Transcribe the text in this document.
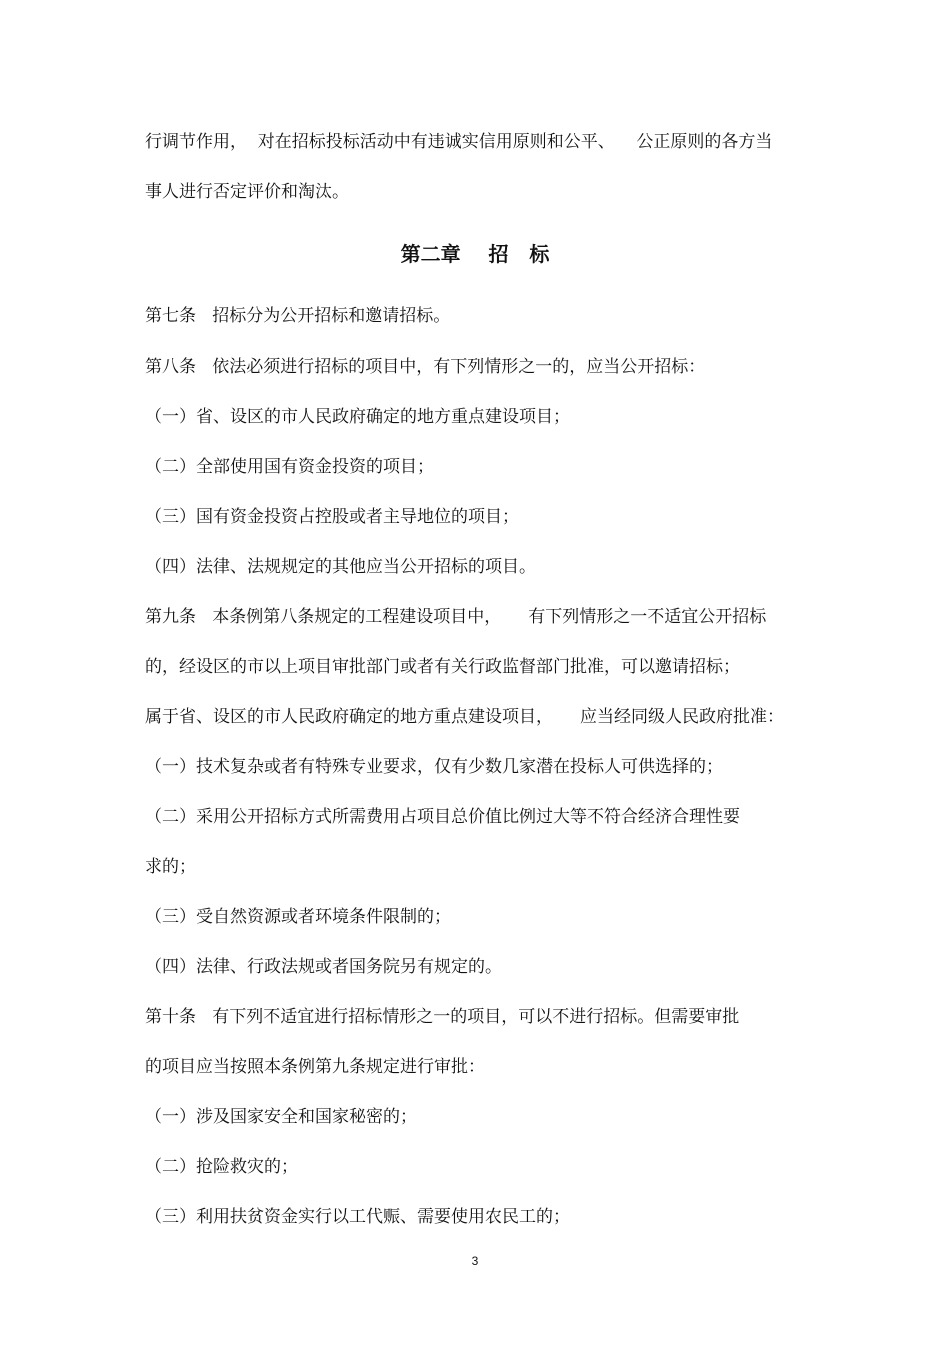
行调节作用，  对在招标投标活动中有违诚实信用原则和公平、    公正原则的各方当

事人进行否定评价和淘汰。

第二章    招   标

第七条   招标分为公开招标和邀请招标。

第八条   依法必须进行招标的项目中，有下列情形之一的，应当公开招标：

（一）省、设区的市人民政府确定的地方重点建设项目；

（二）全部使用国有资金投资的项目；

（三）国有资金投资占控股或者主导地位的项目；

（四）法律、法规规定的其他应当公开招标的项目。

第九条   本条例第八条规定的工程建设项目中，     有下列情形之一不适宜公开招标

的，经设区的市以上项目审批部门或者有关行政监督部门批准，可以邀请招标；

属于省、设区的市人民政府确定的地方重点建设项目，     应当经同级人民政府批准：

（一）技术复杂或者有特殊专业要求，仅有少数几家潜在投标人可供选择的；

（二）采用公开招标方式所需费用占项目总价值比例过大等不符合经济合理性要

求的；

（三）受自然资源或者环境条件限制的；

（四）法律、行政法规或者国务院另有规定的。

第十条   有下列不适宜进行招标情形之一的项目，可以不进行招标。但需要审批

的项目应当按照本条例第九条规定进行审批：

（一）涉及国家安全和国家秘密的；

（二）抢险救灾的；

（三）利用扶贫资金实行以工代赈、需要使用农民工的；

3
